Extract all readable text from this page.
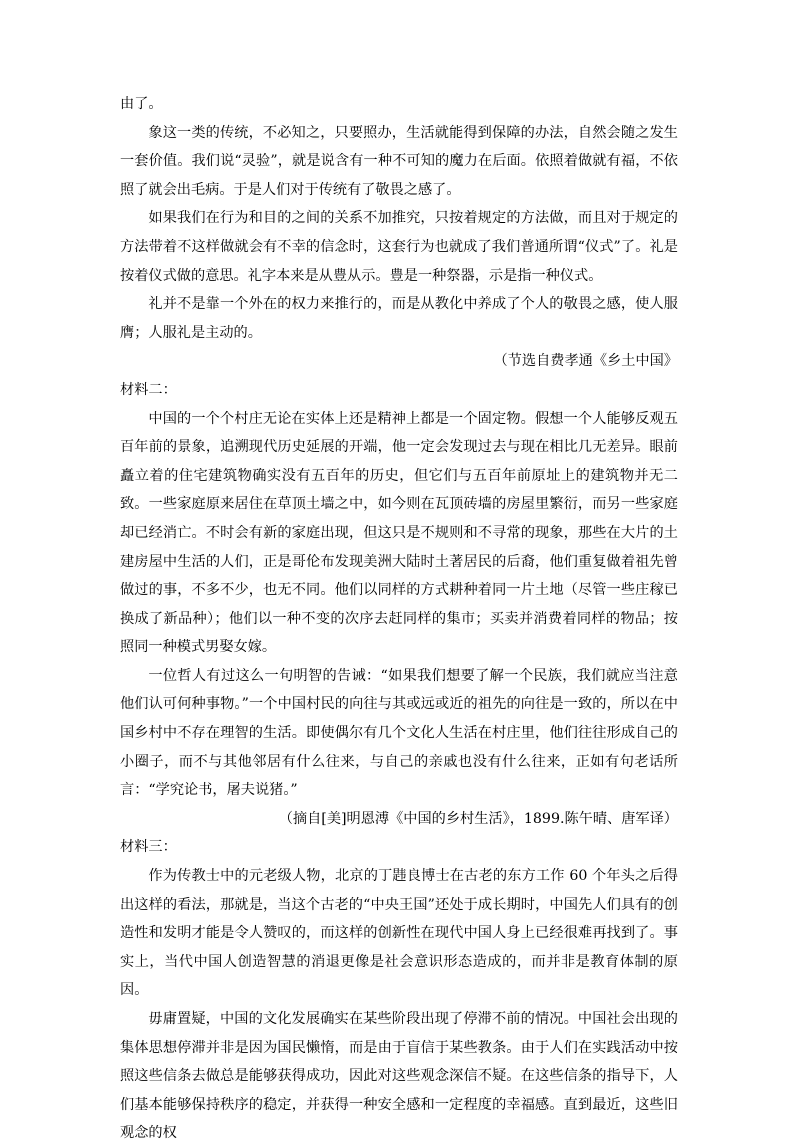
由了。

象这一类的传统，不必知之，只要照办，生活就能得到保障的办法，自然会随之发生一套价值。我们说“灵验”，就是说含有一种不可知的魔力在后面。依照着做就有福，不依照了就会出毛病。于是人们对于传统有了敬畏之感了。

如果我们在行为和目的之间的关系不加推究，只按着规定的方法做，而且对于规定的方法带着不这样做就会有不幸的信念时，这套行为也就成了我们普通所谓“仪式”了。礼是按着仪式做的意思。礼字本来是从豊从示。豊是一种祭器，示是指一种仪式。

礼并不是靠一个外在的权力来推行的，而是从教化中养成了个人的敬畏之感，使人服膺；人服礼是主动的。

（节选自费孝通《乡土中国》

材料二：

中国的一个个村庄无论在实体上还是精神上都是一个固定物。假想一个人能够反观五百年前的景象，追溯现代历史延展的开端，他一定会发现过去与现在相比几无差异。眼前矗立着的住宅建筑物确实没有五百年的历史，但它们与五百年前原址上的建筑物并无二致。一些家庭原来居住在草顶土墙之中，如今则在瓦顶砖墙的房屋里繁衍，而另一些家庭却已经消亡。不时会有新的家庭出现，但这只是不规则和不寻常的现象，那些在大片的土建房屋中生活的人们，正是哥伦布发现美洲大陆时土著居民的后裔，他们重复做着祖先曾做过的事，不多不少，也无不同。他们以同样的方式耕种着同一片土地（尽管一些庄稼已换成了新品种）；他们以一种不变的次序去赶同样的集市；买卖并消费着同样的物品；按照同一种模式男娶女嫁。

一位哲人有过这么一句明智的告诫：“如果我们想要了解一个民族，我们就应当注意他们认可何种事物。”一个中国村民的向往与其或远或近的祖先的向往是一致的，所以在中国乡村中不存在理智的生活。即使偶尔有几个文化人生活在村庄里，他们往往形成自己的小圈子，而不与其他邻居有什么往来，与自己的亲戚也没有什么往来，正如有句老话所言：“学究论书，屠夫说猪。”

（摘自[美]明恩溥《中国的乡村生活》，1899.陈午晴、唐军译）

材料三：

作为传教士中的元老级人物，北京的丁韪良博士在古老的东方工作 60 个年头之后得出这样的看法，那就是，当这个古老的“中央王国”还处于成长期时，中国先人们具有的创造性和发明才能是令人赞叹的，而这样的创新性在现代中国人身上已经很难再找到了。事实上，当代中国人创造智慧的消退更像是社会意识形态造成的，而并非是教育体制的原因。

毋庸置疑，中国的文化发展确实在某些阶段出现了停滞不前的情况。中国社会出现的集体思想停滞并非是因为国民懒惰，而是由于盲信于某些教条。由于人们在实践活动中按照这些信条去做总是能够获得成功，因此对这些观念深信不疑。在这些信条的指导下，人们基本能够保持秩序的稳定，并获得一种安全感和一定程度的幸福感。直到最近，这些旧观念的权
